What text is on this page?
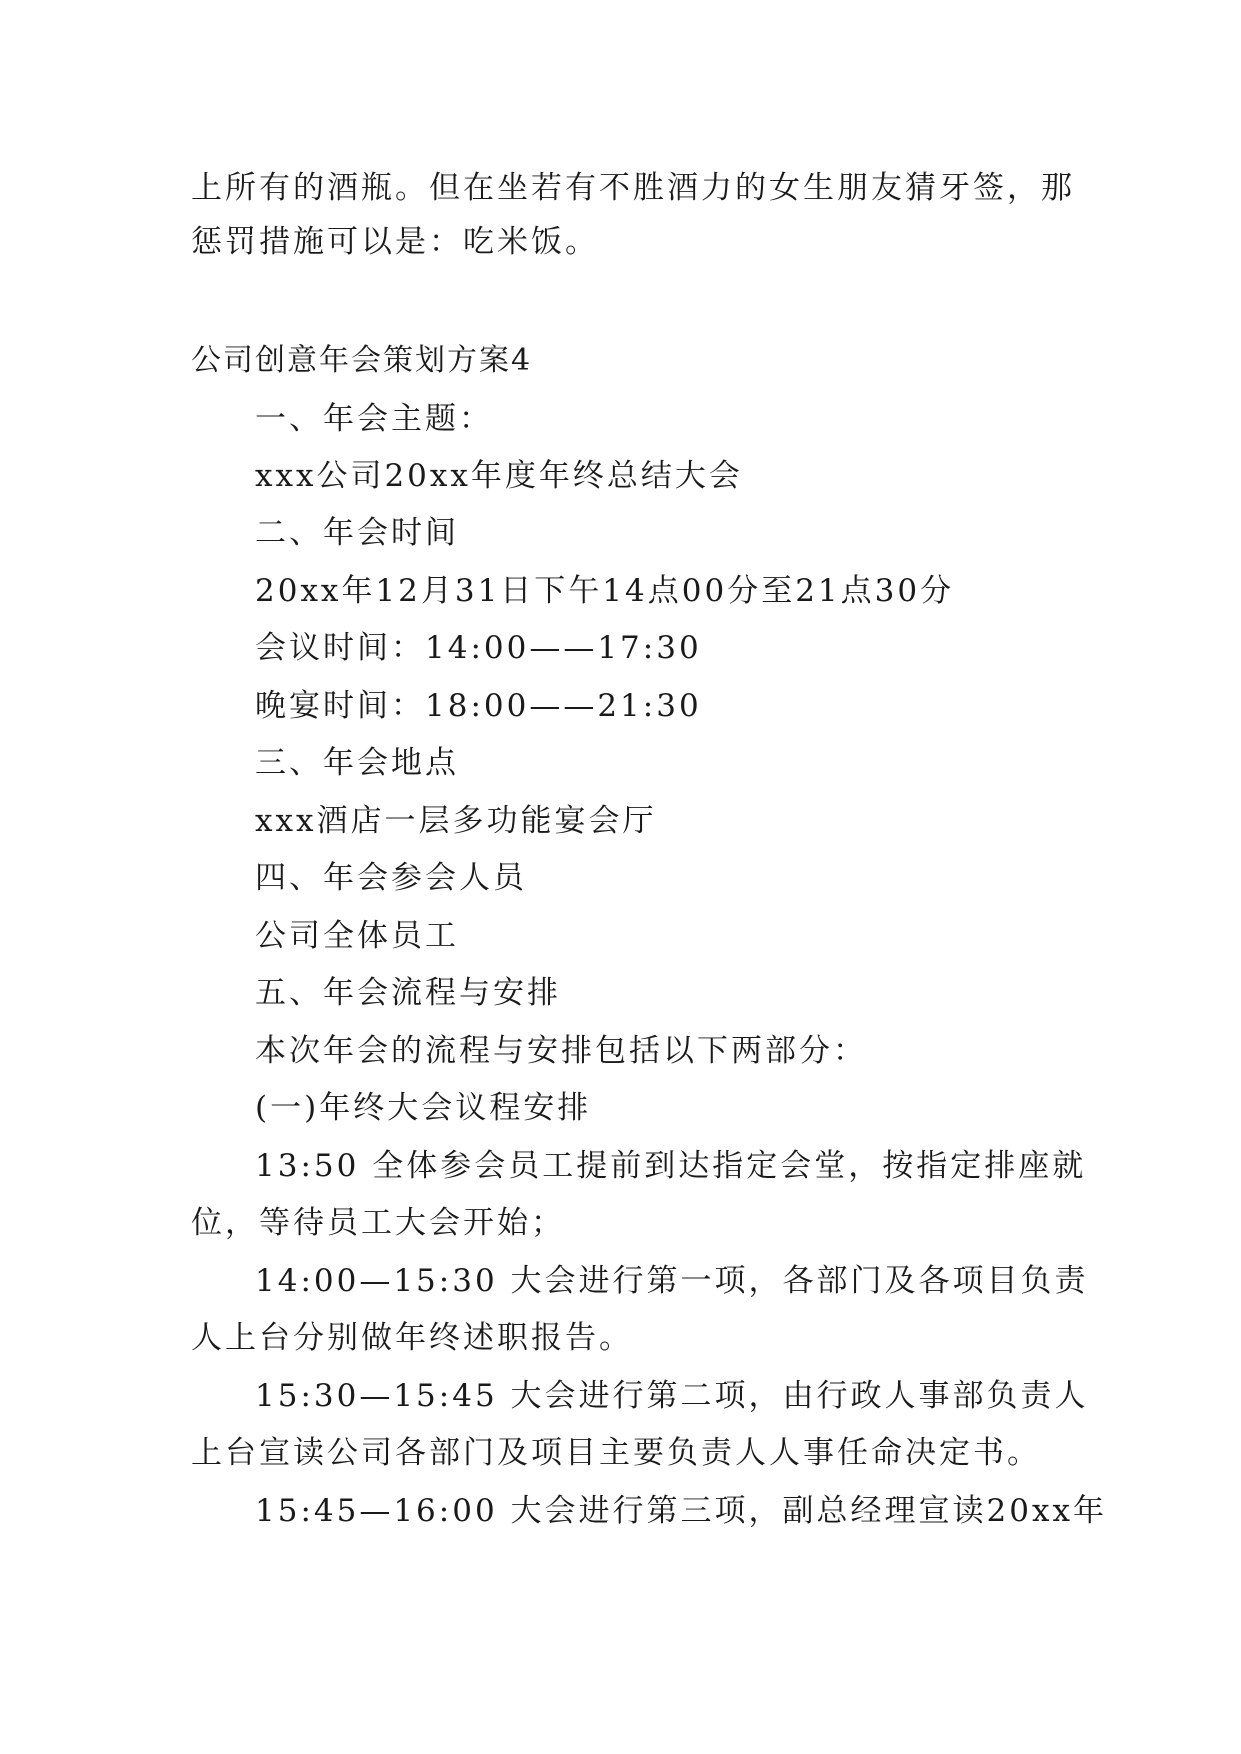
上所有的酒瓶。但在坐若有不胜酒力的女生朋友猜牙签，那
惩罚措施可以是：吃米饭。
公司创意年会策划方案4
一、年会主题：
xxx公司20xx年度年终总结大会
二、年会时间
20xx年12月31日下午14点00分至21点30分
会议时间：14:00——17:30
晚宴时间：18:00——21:30
三、年会地点
xxx酒店一层多功能宴会厅
四、年会参会人员
公司全体员工
五、年会流程与安排
本次年会的流程与安排包括以下两部分：
(一)年终大会议程安排
13:50 全体参会员工提前到达指定会堂，按指定排座就
位，等待员工大会开始；
14:00—15:30 大会进行第一项，各部门及各项目负责
人上台分别做年终述职报告。
15:30—15:45 大会进行第二项，由行政人事部负责人
上台宣读公司各部门及项目主要负责人人事任命决定书。
15:45—16:00 大会进行第三项，副总经理宣读20xx年
